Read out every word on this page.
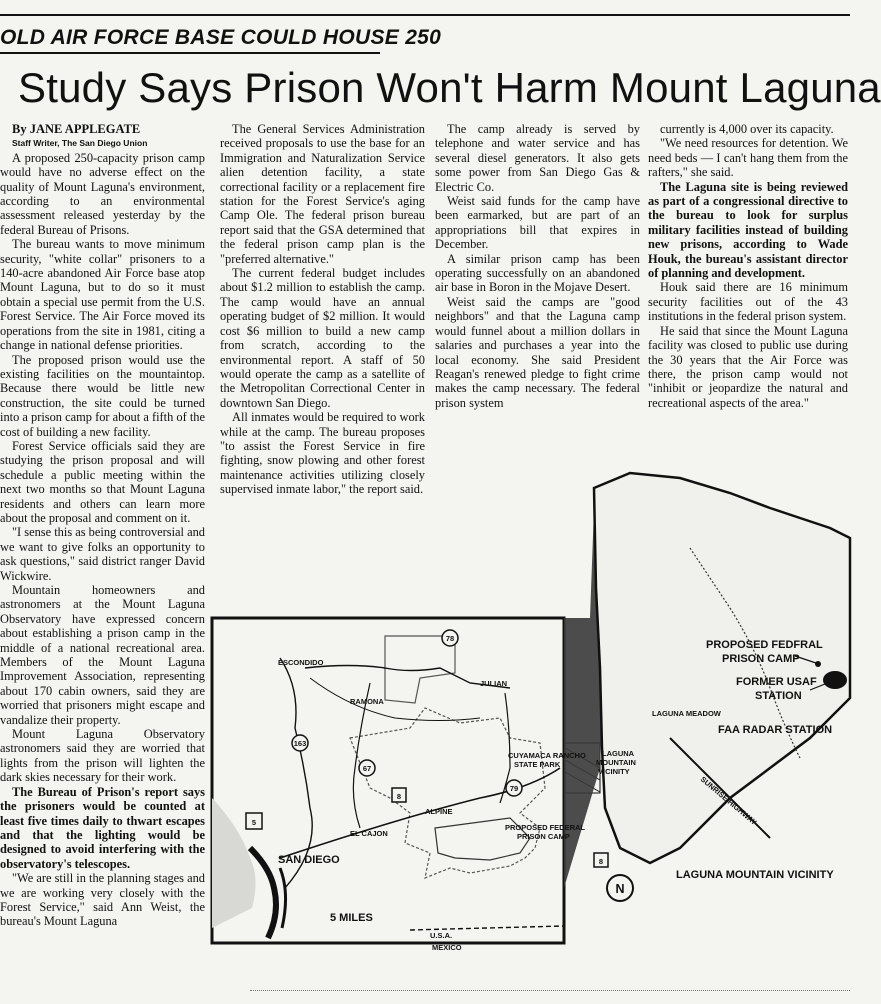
OLD AIR FORCE BASE COULD HOUSE 250
Study Says Prison Won't Harm Mount Laguna

By JANE APPLEGATE

Staff Writer, The San Diego Union

A proposed 250-capacity prison camp would have no adverse effect on the quality of Mount Laguna's environment, according to an environmental assessment released yesterday by the federal Bureau of Prisons.

The bureau wants to move minimum security, "white collar" prisoners to a 140-acre abandoned Air Force base atop Mount Laguna, but to do so it must obtain a special use permit from the U.S. Forest Service. The Air Force moved its operations from the site in 1981, citing a change in national defense priorities.

The proposed prison would use the existing facilities on the mountaintop. Because there would be little new construction, the site could be turned into a prison camp for about a fifth of the cost of building a new facility.

Forest Service officials said they are studying the prison proposal and will schedule a public meeting within the next two months so that Mount Laguna residents and others can learn more about the proposal and comment on it.

"I sense this as being controversial and we want to give folks an opportunity to ask questions," said district ranger David Wickwire.

Mountain homeowners and astronomers at the Mount Laguna Observatory have expressed concern about establishing a prison camp in the middle of a national recreational area. Members of the Mount Laguna Improvement Association, representing about 170 cabin owners, said they are worried that prisoners might escape and vandalize their property.

Mount Laguna Observatory astronomers said they are worried that lights from the prison will lighten the dark skies necessary for their work.

The Bureau of Prison's report says the prisoners would be counted at least five times daily to thwart escapes and that the lighting would be designed to avoid interfering with the observatory's telescopes.

"We are still in the planning stages and we are working very closely with the Forest Service," said Ann Weist, the bureau's Mount Laguna

The General Services Administration received proposals to use the base for an Immigration and Naturalization Service alien detention facility, a state correctional facility or a replacement fire station for the Forest Service's aging Camp Ole. The federal prison bureau report said that the GSA determined that the federal prison camp plan is the "preferred alternative."

The current federal budget includes about $1.2 million to establish the camp. The camp would have an annual operating budget of $2 million. It would cost $6 million to build a new camp from scratch, according to the environmental report. A staff of 50 would operate the camp as a satellite of the Metropolitan Correctional Center in downtown San Diego.

All inmates would be required to work while at the camp. The bureau proposes "to assist the Forest Service in fire fighting, snow plowing and other forest maintenance activities utilizing closely supervised inmate labor," the report said.

The camp already is served by telephone and water service and has several diesel generators. It also gets some power from San Diego Gas & Electric Co.

Weist said funds for the camp have been earmarked, but are part of an appropriations bill that expires in December.

A similar prison camp has been operating successfully on an abandoned air base in Boron in the Mojave Desert.

Weist said the camps are "good neighbors" and that the Laguna camp would funnel about a million dollars in salaries and purchases a year into the local economy. She said President Reagan's renewed pledge to fight crime makes the camp necessary. The federal prison system

currently is 4,000 over its capacity.

"We need resources for detention. We need beds — I can't hang them from the rafters," she said.

The Laguna site is being reviewed as part of a congressional directive to the bureau to look for surplus military facilities instead of building new prisons, according to Wade Houk, the bureau's assistant director of planning and development.

Houk said there are 16 minimum security facilities out of the 43 institutions in the federal prison system.

He said that since the Mount Laguna facility was closed to public use during the 30 years that the Air Force was there, the prison camp would not "inhibit or jeopardize the natural and recreational aspects of the area."

78
163
67
8
79
5
8
ESCONDIDO
JULIAN
RAMONA
CUYAMACA RANCHO
STATE PARK
LAGUNA
MOUNTAIN
VICINITY
ALPINE
EL CAJON
PROPOSED FEDERAL
PRISON CAMP
SAN DIEGO
5 MILES
U.S.A.
MEXICO
N
PROPOSED FEDFRAL
PRISON CAMP
FORMER USAF
STATION
LAGUNA MEADOW
FAA RADAR STATION
SUNRISE HIGHWAY
LAGUNA MOUNTAIN VICINITY
